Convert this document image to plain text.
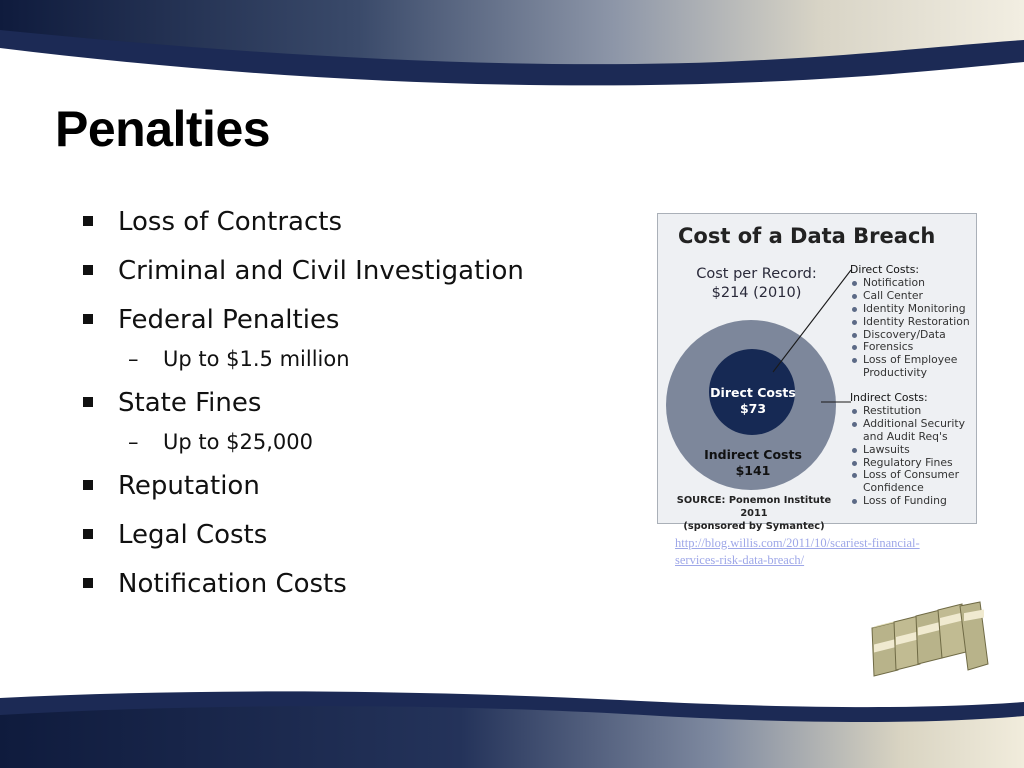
Penalties
Loss of Contracts
Criminal and Civil Investigation
Federal Penalties
– Up to $1.5 million
State Fines
– Up to $25,000
Reputation
Legal Costs
Notification Costs
Cost of a Data Breach
Cost per Record:
$214 (2010)
Direct Costs
$73
Indirect Costs
$141
Direct Costs:
Notification
Call Center
Identity Monitoring
Identity Restoration
Discovery/Data
Forensics
Loss of Employee
Productivity
Indirect Costs:
Restitution
Additional Security
and Audit Req's
Lawsuits
Regulatory Fines
Loss of Consumer
Confidence
Loss of Funding
SOURCE: Ponemon Institute 2011
(sponsored by Symantec)
http://blog.willis.com/2011/10/scariest-financial-
services-risk-data-breach/
